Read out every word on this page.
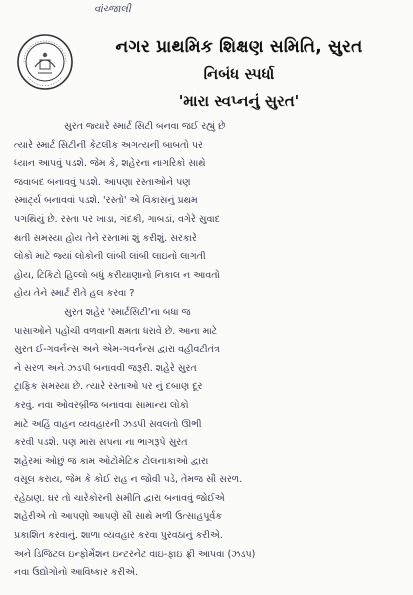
વાંચ્જાલી
નગર પ્રાથમિક શિક્ષણ સમિતિ, સુરત
નિબંધ સ્પર્ધા
'મારા સ્વપ્નનું સુરત'
સુરત જ્યારે સ્માર્ટ સિટી બનવા જઈ રહ્યું છે
ત્યારે સ્માર્ટ સિટીની કેટલીક અગત્યની બાબતો પર
ધ્યાન આપવું પડશે. જેમ કે, શહેરના નાગરિકો સાથે
જવાબદ બનાવવું પડશે. આપણા રસ્તાઓને પણ
સ્માર્ટ્ય બનાવવાં પડશે. 'રસ્તો' એ વિકાસનું પ્રથમ
પગથિયું છે. રસ્તા પર ખાડા, ગંદકી, ગાબડાં, વગેરે સુવાદ
થતી સમસ્યા હોય તેને રસ્તામાં શું કરીશું. સરકારે
લોકો માટે જ્યાં લોકોની લાંબી લાંબી લાઇનો લાગતી
હોય, ટિકિટો હિલ્લો બધું કરીયાણાનો નિકાલ ન આવતો
હોય તેને સ્માર્ટ રીતે હલ કરવા ?
સુરત શહેર 'સ્માર્ટસિટી'ના બધા જ
પાસાઓને પહોંચી વળવાની ક્ષમતા ધરાવે છે. આના માટે
સુરત ઈ-ગવર્નન્સ અને એમ-ગવર્નન્સ દ્વારા વહીવટીતંત્ર
ને સરળ અને ઝડપી બનાવવી જરૂરી. શહેરે સુરત
ટ્રાફિક સમસ્યા છે. ત્યારે રસ્તાઓ પર નું દબાણ દૂર
કરવું. નવા ઓવરબ્રીજ બનાવવા સામાન્ય લોકો
માટે અહિં વાહન વ્યવહારની ઝડપી સવલતો ઊભી
કરવી પડશે. પણ મારા સપના ના ભાગરૂપે સુરત
શહેરમાં ઓછું જ કામ ઓટોમેટિક ટોલનાકાઓ દ્વારા
વસૂલ કરાય, જેમ કે કોઈ રાહ ન જોવી પડે, તેમજ સૌ સરળ.
રહેઠાણ. ઘર તો ચારેકોરની સમીતિ દ્વારા બનાવવું જોઈએ
શહેરીએ તો આપણો આપણે સૌ સાથે મળી ઉત્સાહપૂર્વક
પ્રકાશિત કરવાનું. શાળા વ્યવહાર કરવા પુરવઠાનું કરીએ.
અને ડિજિટલ ઇન્ફોર્મેશન ઇન્ટરનેટ વાઇ-ફાઇ ફ્રી આપવા (ઝડપ)
નવા ઉદ્યોગોનો આવિષ્કાર કરીએ.
